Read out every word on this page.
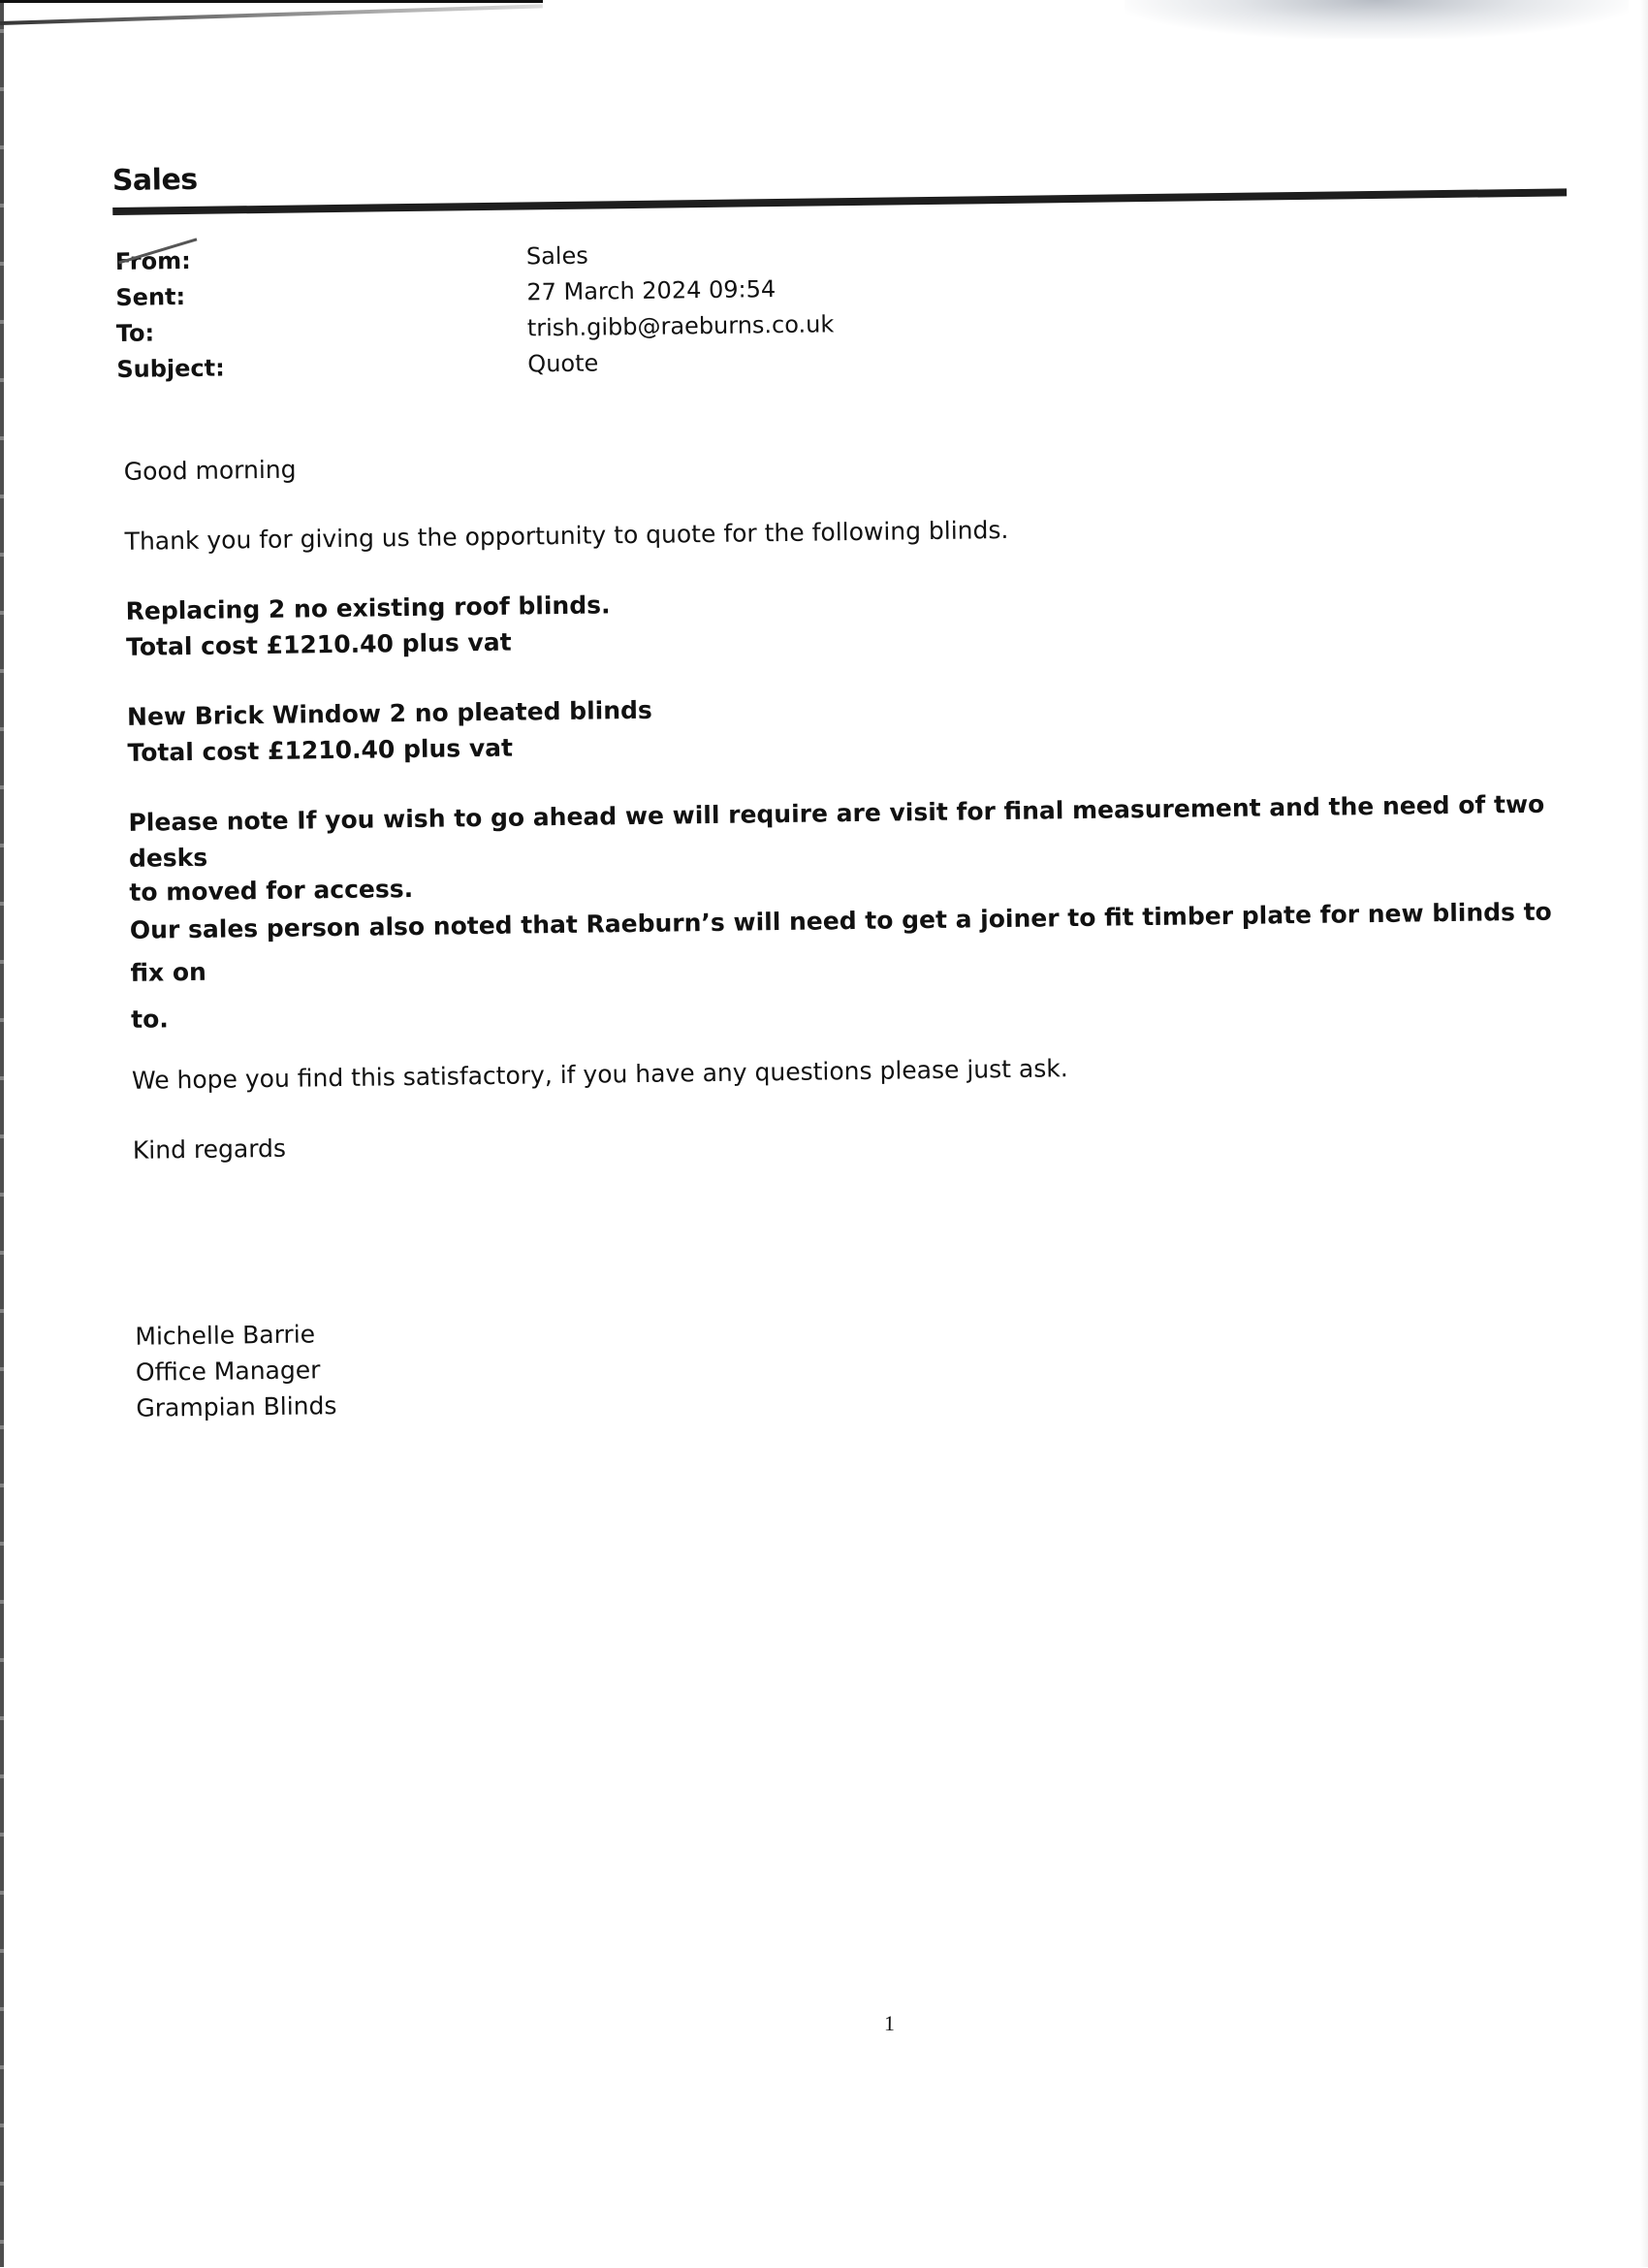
Sales
From:	Sales
Sent:	27 March 2024 09:54
To:	trish.gibb@raeburns.co.uk
Subject:	Quote

Good morning

Thank you for giving us the opportunity to quote for the following blinds.

Replacing 2 no existing roof blinds.
Total cost £1210.40 plus vat

New Brick Window 2 no pleated blinds
Total cost £1210.40 plus vat

Please note If you wish to go ahead we will require are visit for final measurement and the need of two desks
to moved for access.
Our sales person also noted that Raeburn’s will need to get a joiner to fit timber plate for new blinds to fix on
to.

We hope you find this satisfactory, if you have any questions please just ask.

Kind regards

Michelle Barrie

Office Manager

Grampian Blinds

1
